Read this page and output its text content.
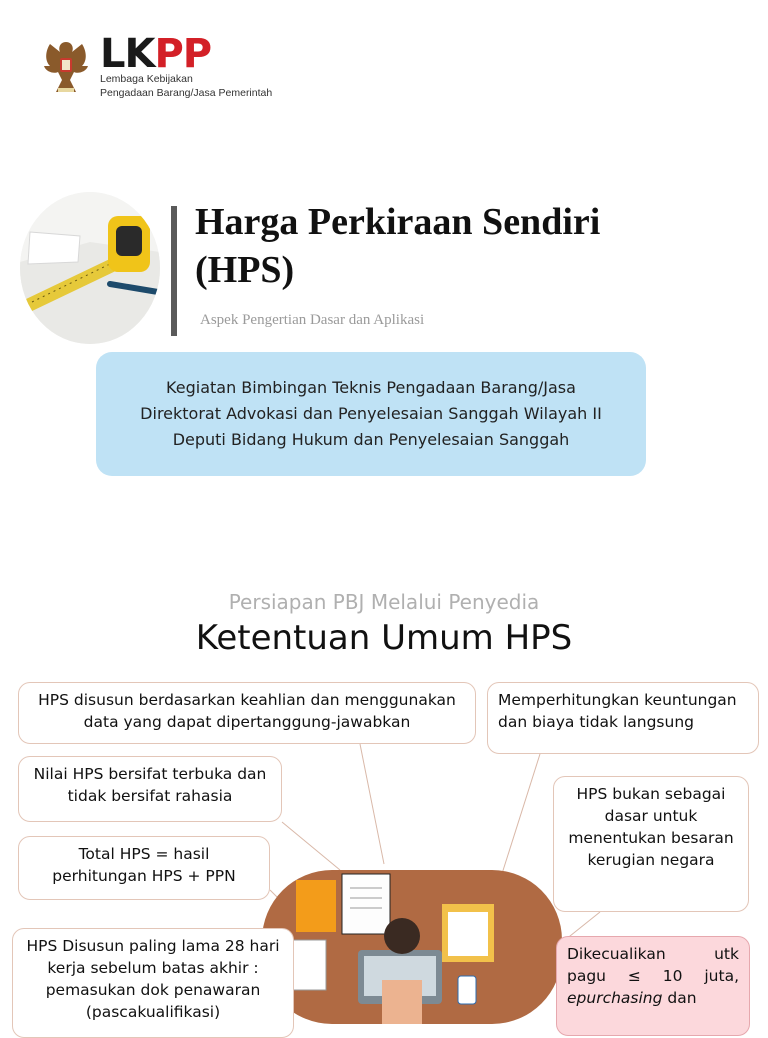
LKPP
Lembaga Kebijakan
Pengadaan Barang/Jasa Pemerintah
Harga Perkiraan Sendiri
(HPS)
Aspek Pengertian Dasar dan Aplikasi
Kegiatan Bimbingan Teknis Pengadaan Barang/Jasa
Direktorat Advokasi dan Penyelesaian Sanggah Wilayah II
Deputi Bidang Hukum dan Penyelesaian Sanggah
Persiapan PBJ Melalui Penyedia
Ketentuan Umum HPS
HPS disusun berdasarkan keahlian dan menggunakan data yang dapat dipertanggung-jawabkan
Memperhitungkan keuntungan dan biaya tidak langsung
Nilai HPS bersifat terbuka dan tidak bersifat rahasia	HPS bukan sebagai dasar untuk menentukan besaran kerugian negara
Total HPS = hasil perhitungan HPS + PPN
HPS Disusun paling lama 28 hari kerja sebelum batas akhir : pemasukan dok penawaran (pascakualifikasi)
Dikecualikan utk pagu ≤ 10 juta, epurchasing dan
